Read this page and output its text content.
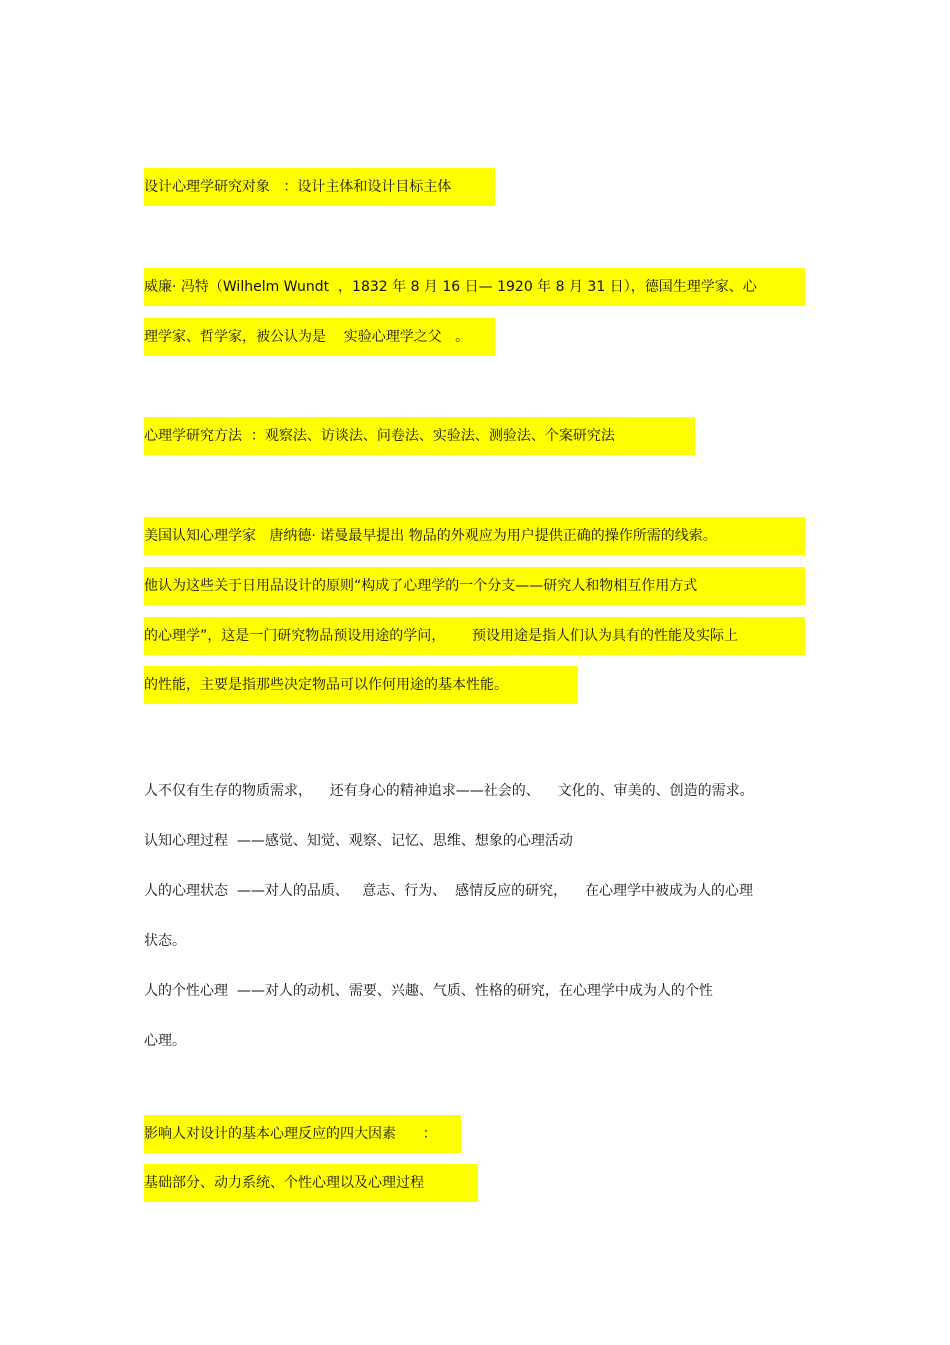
设计心理学研究对象   ：设计主体和设计目标主体

威廉· 冯特（Wilhelm Wundt  ，1832 年 8 月 16 日— 1920 年 8 月 31 日），德国生理学家、心

理学家、哲学家，被公认为是    实验心理学之父   。

心理学研究方法  ：观察法、访谈法、问卷法、实验法、测验法、个案研究法

美国认知心理学家   唐纳德· 诺曼最早提出 物品的外观应为用户提供正确的操作所需的线索。

他认为这些关于日用品设计的原则“构成了心理学的一个分支——研究人和物相互作用方式

的心理学”，这是一门研究物品预设用途的学问，      预设用途是指人们认为具有的性能及实际上

的性能，主要是指那些决定物品可以作何用途的基本性能。

人不仅有生存的物质需求，    还有身心的精神追求——社会的、    文化的、审美的、创造的需求。

认知心理过程  ——感觉、知觉、观察、记忆、思维、想象的心理活动

人的心理状态  ——对人的品质、   意志、行为、  感情反应的研究，    在心理学中被成为人的心理

状态。

人的个性心理  ——对人的动机、需要、兴趣、气质、性格的研究，在心理学中成为人的个性

心理。

影响人对设计的基本心理反应的四大因素      ：

基础部分、动力系统、个性心理以及心理过程
